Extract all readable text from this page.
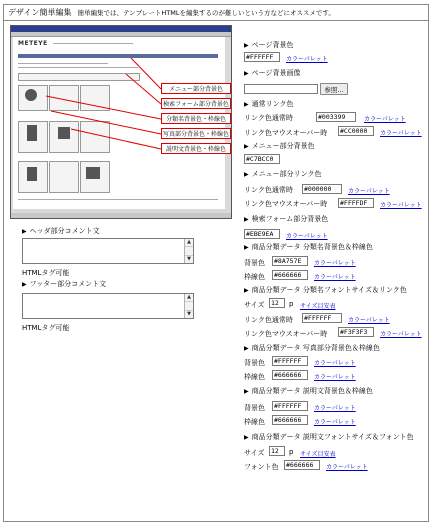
デザイン簡単編集 簡単編集では、テンプレートHTMLを編集するのが難しいという方などにオススメです。
METEYE
メニュー部分背景色
検索フォーム部分背景色
分類名背景色・枠線色
写真部分背景色・枠線色
説明文背景色・枠線色
▶ ヘッダ部分コメント文
▲
▼
HTMLタグ可能
▶ フッター部分コメント文
▲
▼
HTMLタグ可能
▶ ページ背景色
#FFFFFF	カラーパレット
▶ ページ背景画像
参照...
▶ 通常リンク色
リンク色通常時	#003399	カラーパレット
リンク色マウスオーバー時	#CC0000	カラーパレット
▶ メニュー部分背景色
#C7BCC0
▶ メニュー部分リンク色
リンク色通常時	#000000	カラーパレット
リンク色マウスオーバー時	#FFFFDF	カラーパレット
▶ 検索フォーム部分背景色
#EBE9EA	カラーパレット
▶ 商品分類データ 分類名背景色＆枠線色
背景色	#8A757E	カラーパレット
枠線色	#666666	カラーパレット
▶ 商品分類データ 分類名フォントサイズ＆リンク色
サイズ	12	p サイズ目安表
リンク色通常時	#FFFFFF	カラーパレット
リンク色マウスオーバー時	#F3F3F3	カラーパレット
▶ 商品分類データ 写真部分背景色＆枠線色
背景色	#FFFFFF	カラーパレット
枠線色	#666666	カラーパレット
▶ 商品分類データ 説明文背景色＆枠線色
背景色	#FFFFFF	カラーパレット
枠線色	#666666	カラーパレット
▶ 商品分類データ 説明文フォントサイズ＆フォント色
サイズ	12	p サイズ目安表
フォント色	#666666	カラーパレット
